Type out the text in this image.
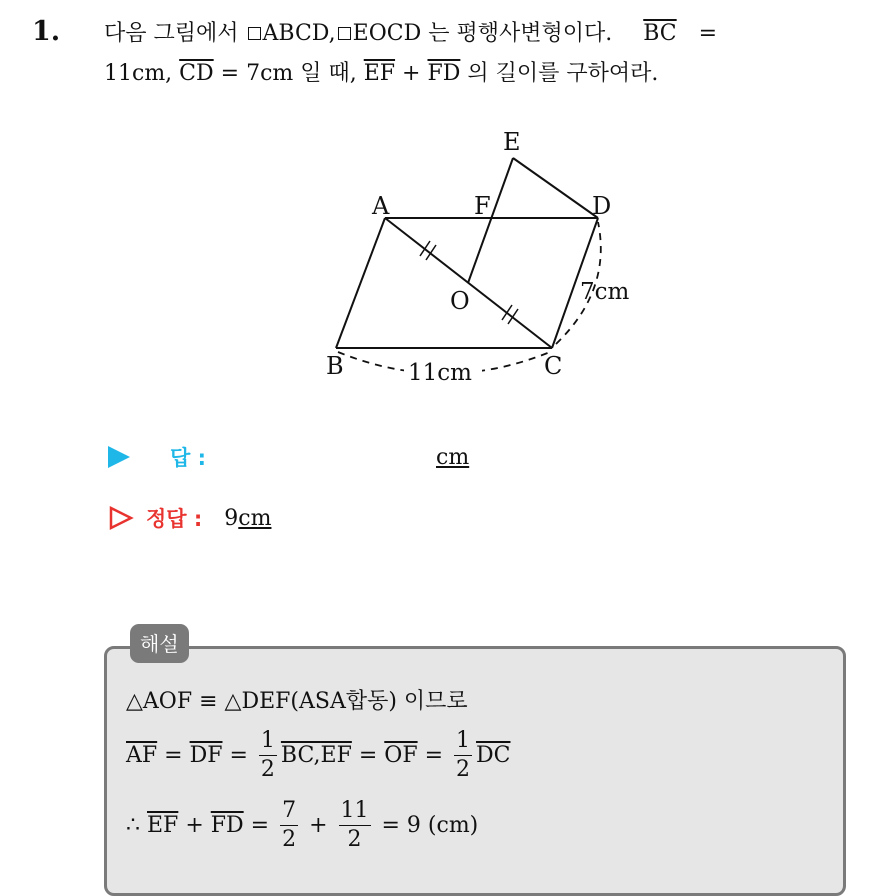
1. 다음 그림에서 ABCD, EOCD 는 평행사변형이다. $\overline{BC}$ =
11cm, $\overline{CD} = 7cm$ 일 때, $\overline{EF} + \overline{FD}$ 의 길이를 구하여라.
A
B	C
D
E
F
O
11cm
7cm
답 :	cm
정답 : 9 cm
해설
△AOF ≡ △DEF(ASA합동) 이므로
$\overline{AF} = \overline{DF} = \frac{1}{2}$ BC, $\overline{EF} = \overline{OF} = \frac{1}{2} \overline{DC}$
∴ $\overline{EF} + \overline{FD} = \frac{7}{2} + \frac{11}{2} = 9$ (cm)
